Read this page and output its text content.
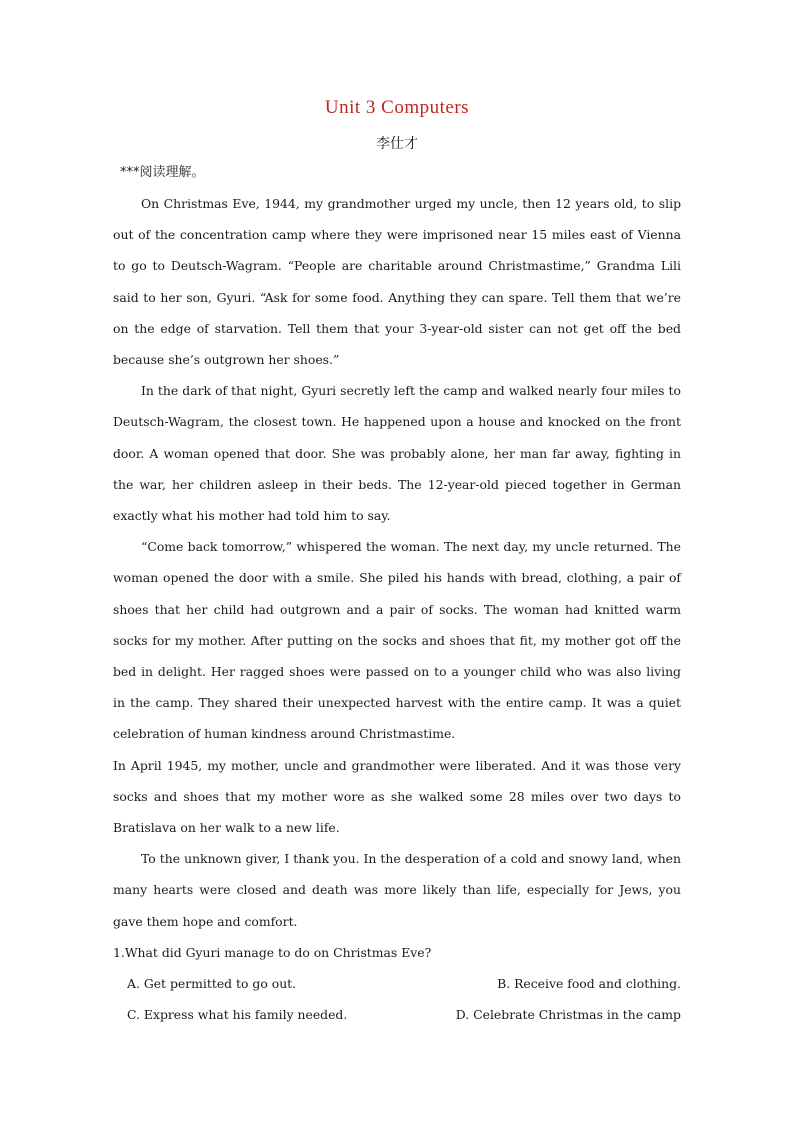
Unit 3 Computers
李仕才
***阅读理解。

On Christmas Eve, 1944, my grandmother urged my uncle, then 12 years old, to slip out of the concentration camp where they were imprisoned near 15 miles east of Vienna to go to Deutsch-Wagram. “People are charitable around Christmastime,” Grandma Lili said to her son, Gyuri. “Ask for some food. Anything they can spare. Tell them that we’re on the edge of starvation. Tell them that your 3-year-old sister can not get off the bed because she’s outgrown her shoes.”

In the dark of that night, Gyuri secretly left the camp and walked nearly four miles to Deutsch-Wagram, the closest town. He happened upon a house and knocked on the front door. A woman opened that door. She was probably alone, her man far away, fighting in the war, her children asleep in their beds. The 12-year-old pieced together in German exactly what his mother had told him to say.

“Come back tomorrow,” whispered the woman. The next day, my uncle returned. The woman opened the door with a smile. She piled his hands with bread, clothing, a pair of shoes that her child had outgrown and a pair of socks. The woman had knitted warm socks for my mother. After putting on the socks and shoes that fit, my mother got off the bed in delight. Her ragged shoes were passed on to a younger child who was also living in the camp. They shared their unexpected harvest with the entire camp. It was a quiet celebration of human kindness around Christmastime.

In April 1945, my mother, uncle and grandmother were liberated. And it was those very socks and shoes that my mother wore as she walked some 28 miles over two days to Bratislava on her walk to a new life.

To the unknown giver, I thank you. In the desperation of a cold and snowy land, when many hearts were closed and death was more likely than life, especially for Jews, you gave them hope and comfort.

1.What did Gyuri manage to do on Christmas Eve?

A. Get permitted to go out.	B. Receive food and clothing.
C. Express what his family needed.	D. Celebrate Christmas in the camp
